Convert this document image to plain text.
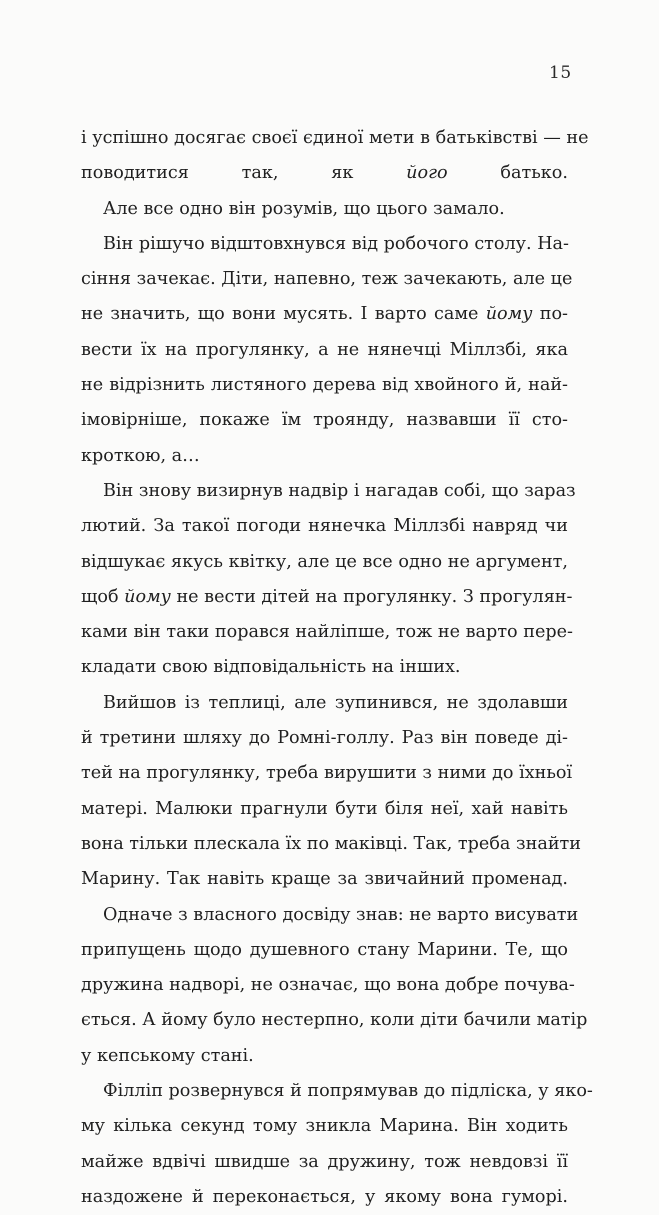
15
і успішно досягає своєї єдиної мети в батьківстві — не
поводитися так, як його батько.
Але все одно він розумів, що цього замало.
Він рішучо відштовхнувся від робочого столу. На-
сіння зачекає. Діти, напевно, теж зачекають, але це
не значить, що вони мусять. І варто саме йому по-
вести їх на прогулянку, а не нянечці Міллзбі, яка
не відрізнить листяного дерева від хвойного й, най-
імовірніше, покаже їм троянду, назвавши її сто-
кроткою, а…
Він знову визирнув надвір і нагадав собі, що зараз
лютий. За такої погоди нянечка Міллзбі навряд чи
відшукає якусь квітку, але це все одно не аргумент,
щоб йому не вести дітей на прогулянку. З прогулян-
ками він таки порався найліпше, тож не варто пере-
кладати свою відповідальність на інших.
Вийшов із теплиці, але зупинився, не здолавши
й третини шляху до Ромні-голлу. Раз він поведе ді-
тей на прогулянку, треба вирушити з ними до їхньої
матері. Малюки прагнули бути біля неї, хай навіть
вона тільки плескала їх по маківці. Так, треба знайти
Марину. Так навіть краще за звичайний променад.
Одначе з власного досвіду знав: не варто висувати
припущень щодо душевного стану Марини. Те, що
дружина надворі, не означає, що вона добре почува-
ється. А йому було нестерпно, коли діти бачили матір
у кепському стані.
Філліп розвернувся й попрямував до підліска, у яко-
му кілька секунд тому зникла Марина. Він ходить
майже вдвічі швидше за дружину, тож невдовзі її
наздожене й переконається, у якому вона гуморі.
